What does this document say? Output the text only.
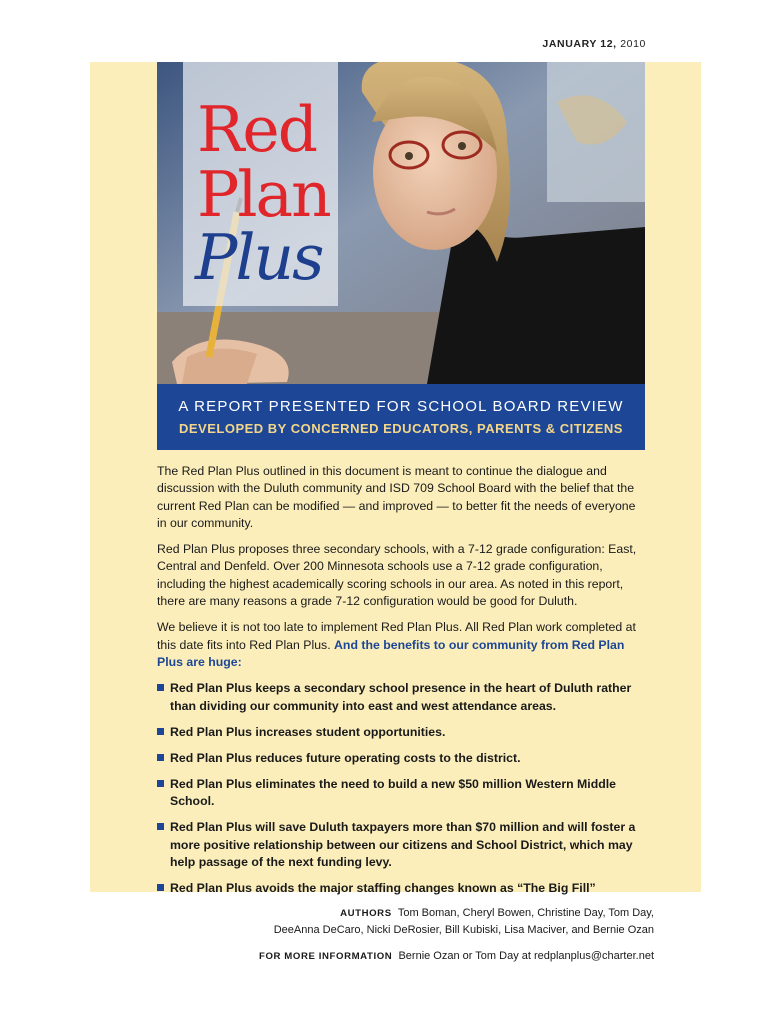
JANUARY 12, 2010
Red
Plan
Plus
A REPORT PRESENTED FOR SCHOOL BOARD REVIEW
DEVELOPED BY CONCERNED EDUCATORS, PARENTS & CITIZENS

The Red Plan Plus outlined in this document is meant to continue the dialogue and discussion with the Duluth community and ISD 709 School Board with the belief that the current Red Plan can be modified — and improved — to better fit the needs of everyone in our community.

Red Plan Plus proposes three secondary schools, with a 7-12 grade configuration: East, Central and Denfeld. Over 200 Minnesota schools use a 7-12 grade configuration, including the highest academically scoring schools in our area. As noted in this report, there are many reasons a grade 7-12 configuration would be good for Duluth.

We believe it is not too late to implement Red Plan Plus. All Red Plan work completed at this date fits into Red Plan Plus. And the benefits to our community from Red Plan Plus are huge:

Red Plan Plus keeps a secondary school presence in the heart of Duluth rather than dividing our community into east and west attendance areas.
Red Plan Plus increases student opportunities.
Red Plan Plus reduces future operating costs to the district.
Red Plan Plus eliminates the need to build a new $50 million Western Middle School.
Red Plan Plus will save Duluth taxpayers more than $70 million and will foster a more positive relationship between our citizens and School District, which may help passage of the next funding levy.
Red Plan Plus avoids the major staffing changes known as “The Big Fill”
AUTHORS Tom Boman, Cheryl Bowen, Christine Day, Tom Day,
DeeAnna DeCaro, Nicki DeRosier, Bill Kubiski, Lisa Maciver, and Bernie Ozan
FOR MORE INFORMATION Bernie Ozan or Tom Day at redplanplus@charter.net
